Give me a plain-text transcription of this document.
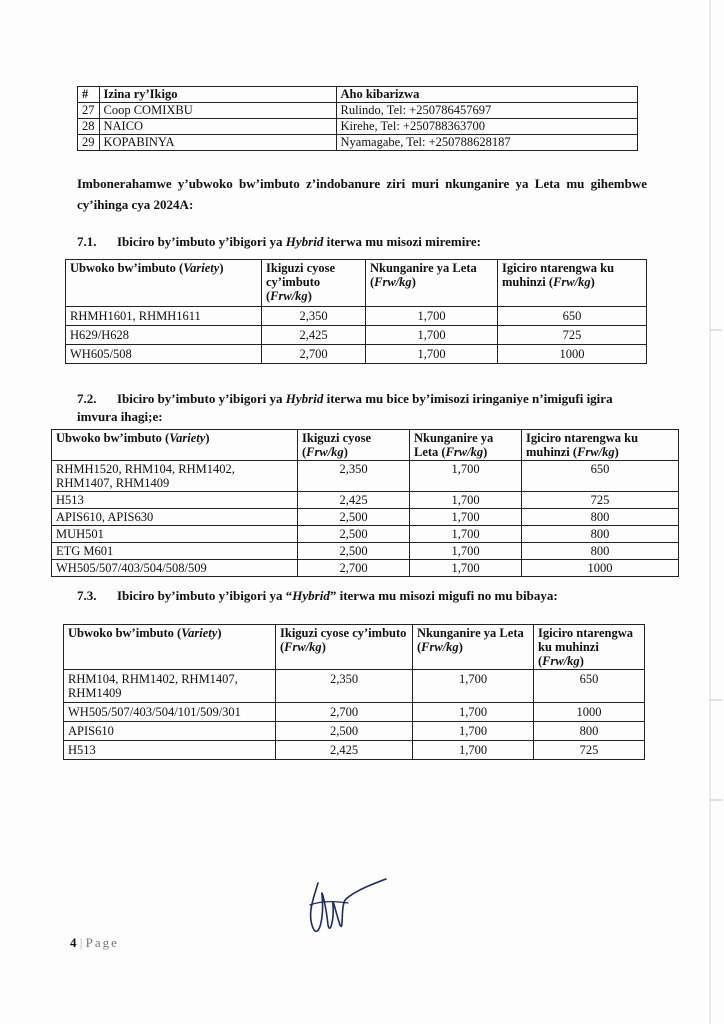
#	Izina ry’Ikigo	Aho kibarizwa
27	Coop COMIXBU	Rulindo, Tel: +250786457697
28	NAICO	Kirehe, Tel: +250788363700
29	KOPABINYA	Nyamagabe, Tel: +250788628187

Imbonerahamwe y’ubwoko bw’imbuto z’indobanure ziri muri nkunganire ya Leta mu gihembwe cy’ihinga cya 2024A:

7.1. Ibiciro by’imbuto y’ibigori ya Hybrid iterwa mu misozi miremire:

Ubwoko bw’imbuto (Variety)	Ikiguzi cyose cy’imbuto (Frw/kg)	Nkunganire ya Leta (Frw/kg)	Igiciro ntarengwa ku muhinzi (Frw/kg)
RHMH1601, RHMH1611	2,350	1,700	650
H629/H628	2,425	1,700	725
WH605/508	2,700	1,700	1000

7.2. Ibiciro by’imbuto y’ibigori ya Hybrid iterwa mu bice by’imisozi iringaniye n’imigufi igira imvura ihagi;e:

Ubwoko bw’imbuto (Variety)	Ikiguzi cyose (Frw/kg)	Nkunganire ya Leta (Frw/kg)	Igiciro ntarengwa ku muhinzi (Frw/kg)
RHMH1520, RHM104, RHM1402, RHM1407, RHM1409	2,350	1,700	650
H513	2,425	1,700	725
APIS610, APIS630	2,500	1,700	800
MUH501	2,500	1,700	800
ETG M601	2,500	1,700	800
WH505/507/403/504/508/509	2,700	1,700	1000

7.3. Ibiciro by’imbuto y’ibigori ya “Hybrid” iterwa mu misozi migufi no mu bibaya:

Ubwoko bw’imbuto (Variety)	Ikiguzi cyose cy’imbuto (Frw/kg)	Nkunganire ya Leta (Frw/kg)	Igiciro ntarengwa ku muhinzi (Frw/kg)
RHM104, RHM1402, RHM1407, RHM1409	2,350	1,700	650
WH505/507/403/504/101/509/301	2,700	1,700	1000
APIS610	2,500	1,700	800
H513	2,425	1,700	725
4 | Page
